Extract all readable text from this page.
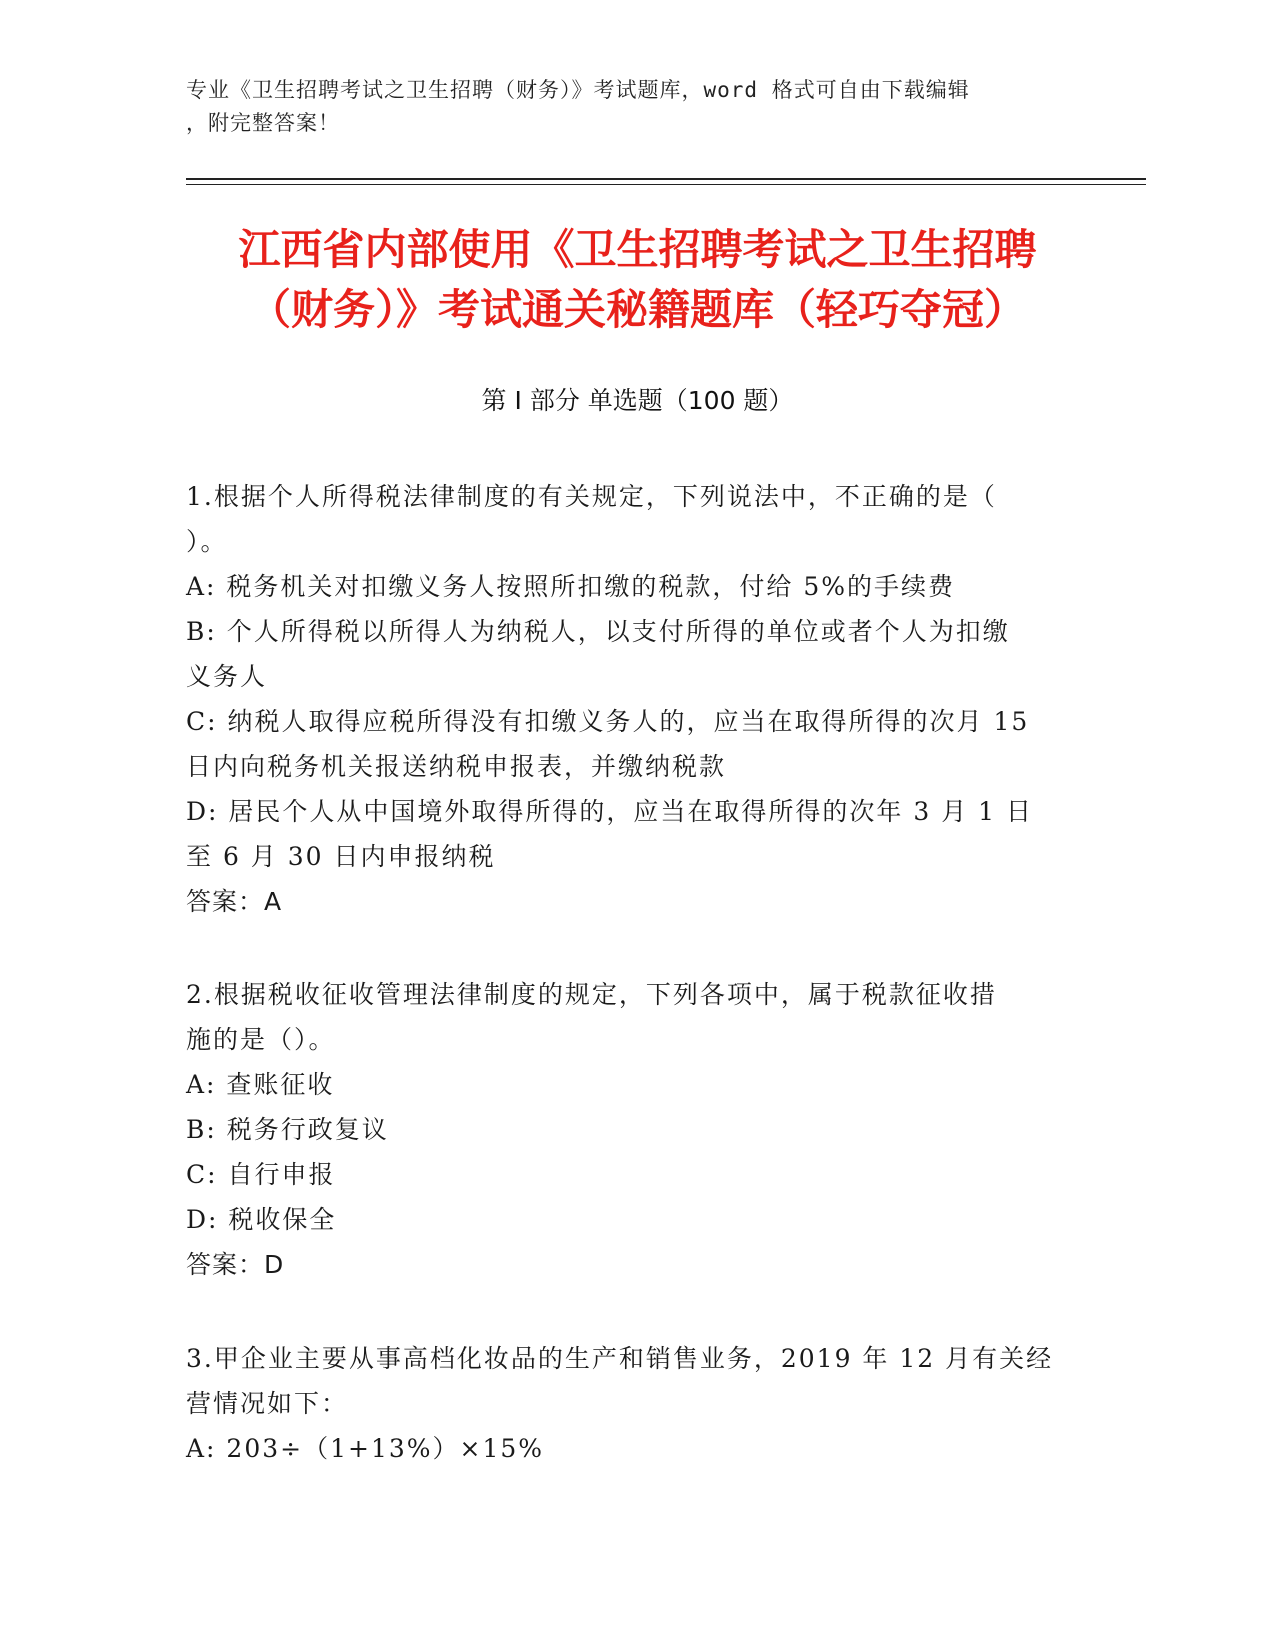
专业《卫生招聘考试之卫生招聘（财务）》考试题库，word 格式可自由下载编辑
，附完整答案！
江西省内部使用《卫生招聘考试之卫生招聘
（财务）》考试通关秘籍题库（轻巧夺冠）
第 I 部分 单选题（100 题）
1.根据个人所得税法律制度的有关规定，下列说法中，不正确的是（
）。
A: 税务机关对扣缴义务人按照所扣缴的税款，付给 5%的手续费
B: 个人所得税以所得人为纳税人，以支付所得的单位或者个人为扣缴
义务人
C: 纳税人取得应税所得没有扣缴义务人的，应当在取得所得的次月 15
日内向税务机关报送纳税申报表，并缴纳税款
D: 居民个人从中国境外取得所得的，应当在取得所得的次年 3 月 1 日
至 6 月 30 日内申报纳税
答案：A
2.根据税收征收管理法律制度的规定，下列各项中，属于税款征收措
施的是（）。
A: 查账征收
B: 税务行政复议
C: 自行申报
D: 税收保全
答案：D
3.甲企业主要从事高档化妆品的生产和销售业务，2019 年 12 月有关经
营情况如下：
A: 203÷（1+13%）×15%
